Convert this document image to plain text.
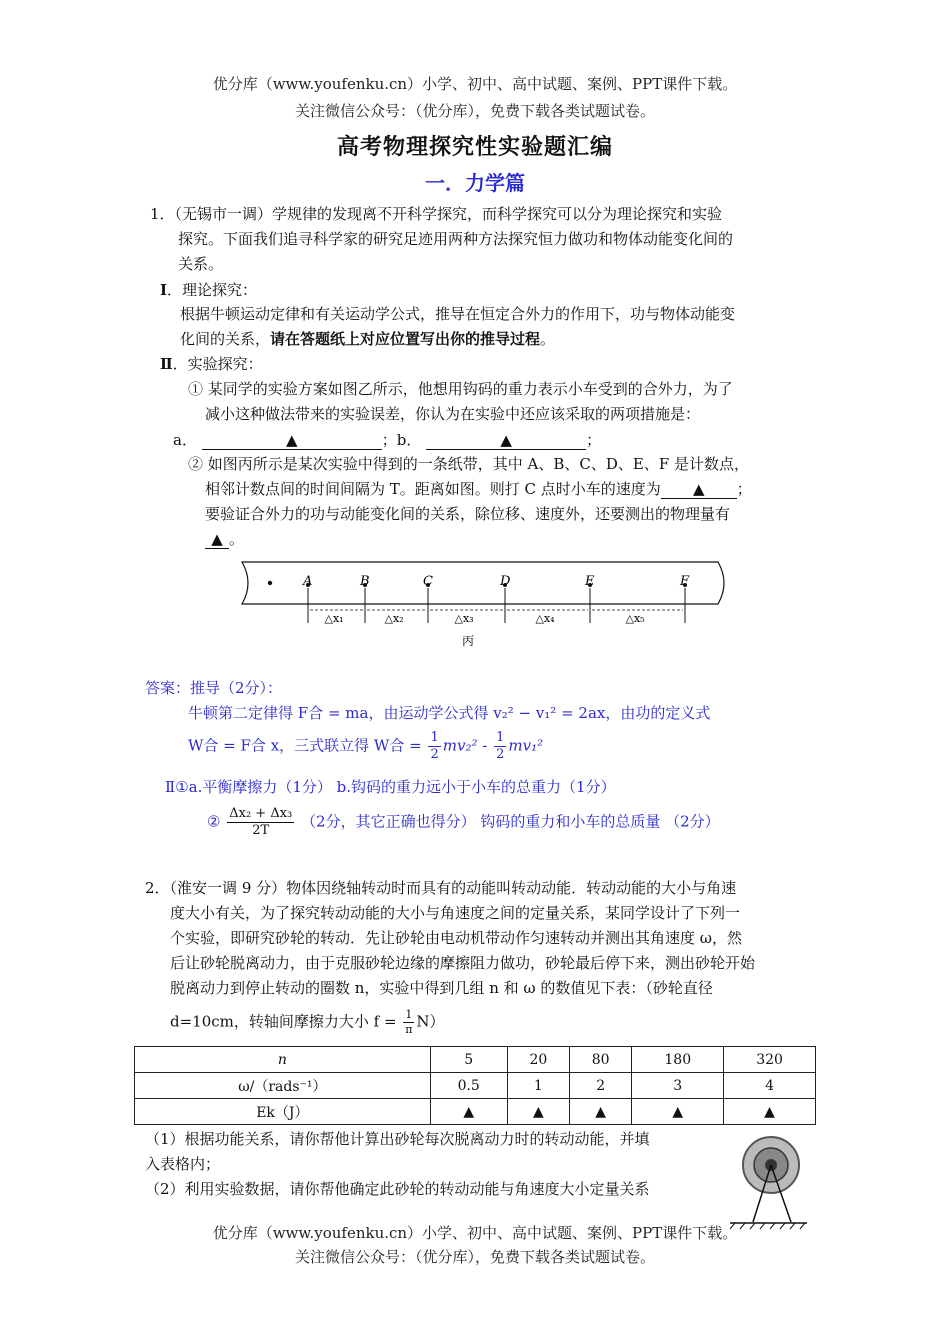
优分库（www.youfenku.cn）小学、初中、高中试题、案例、PPT课件下载。
关注微信公众号：（优分库），免费下载各类试题试卷。
高考物理探究性实验题汇编
一．力学篇
1．（无锡市一调）学规律的发现离不开科学探究，而科学探究可以分为理论探究和实验
探究。下面我们追寻科学家的研究足迹用两种方法探究恒力做功和物体动能变化间的
关系。
Ⅰ．理论探究：
根据牛顿运动定律和有关运动学公式，推导在恒定合外力的作用下，功与物体动能变
化间的关系，请在答题纸上对应位置写出你的推导过程。
Ⅱ．实验探究：
① 某同学的实验方案如图乙所示，他想用钩码的重力表示小车受到的合外力，为了
减小这种做法带来的实验误差，你认为在实验中还应该采取的两项措施是：
a．	▲	；b．	▲	；
② 如图丙所示是某次实验中得到的一条纸带，其中 A、B、C、D、E、F 是计数点，
相邻计数点间的时间间隔为 T。距离如图。则打 C 点时小车的速度为 ▲ ；
要验证合外力的功与动能变化间的关系，除位移、速度外，还要测出的物理量有
▲ 。
A	B	C	D	E	F
△x₁	△x₂	△x₃	△x₄	△x₅
丙
答案：推导（2分）：
牛顿第二定律得 F合 = ma，由运动学公式得 v₂² − v₁² = 2ax，由功的定义式
W合 = F合 x，三式联立得 W合 = $\frac{1}{2} mv_2^2 - \frac{1}{2} mv_1^2$
Ⅱ①a.平衡摩擦力（1分） b.钩码的重力远小于小车的总重力（1分）
② $\frac{\text{Δx₂ + Δx₃}}{2T} (2$分，其它正确也得分） 钩码的重力和小车的总质量 （2分）
2．（淮安一调 9 分）物体因绕轴转动时而具有的动能叫转动动能．转动动能的大小与角速
度大小有关，为了探究转动动能的大小与角速度之间的定量关系，某同学设计了下列一
个实验，即研究砂轮的转动．先让砂轮由电动机带动作匀速转动并测出其角速度 ω，然
后让砂轮脱离动力，由于克服砂轮边缘的摩擦阻力做功，砂轮最后停下来，测出砂轮开始
脱离动力到停止转动的圈数 n，实验中得到几组 n 和 ω 的数值见下表：（砂轮直径
d=10cm，转轴间摩擦力大小 $f = \frac{1}{\pi} N$）
n	5	20	80	180	320
ω/（rads⁻¹）	0.5	1	2	3	4
Ek（J）	▲	▲	▲	▲	▲
（1）根据功能关系，请你帮他计算出砂轮每次脱离动力时的转动动能，并填
入表格内；
（2）利用实验数据，请你帮他确定此砂轮的转动动能与角速度大小定量关系
优分库（www.youfenku.cn）小学、初中、高中试题、案例、PPT课件下载。
关注微信公众号：（优分库），免费下载各类试题试卷。
